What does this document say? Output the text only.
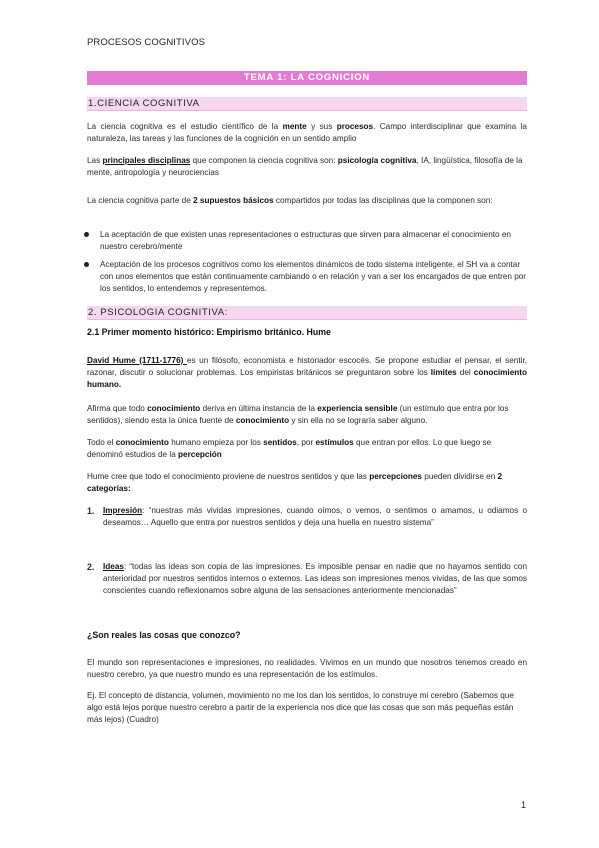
PROCESOS COGNITIVOS
TEMA 1: LA COGNICION
1.CIENCIA COGNITIVA
La ciencia cognitiva es el estudio científico de la mente y sus procesos. Campo interdisciplinar que examina la naturaleza, las tareas y las funciones de la cognición en un sentido amplio
Las principales disciplinas que componen la ciencia cognitiva son: psicología cognitiva, IA, lingüística, filosofía de la mente, antropología y neurociencias
La ciencia cognitiva parte de 2 supuestos básicos compartidos por todas las disciplinas que la componen son:
La aceptación de que existen unas representaciones o estructuras que sirven para almacenar el conocimiento en nuestro cerebro/mente
Aceptación de los procesos cognitivos como los elementos dinámicos de todo sistema inteligente, el SH va a contar con unos elementos que están continuamente cambiando o en relación y van a ser los encargados de que entren por los sentidos, lo entendemos y representemos.
2. PSICOLOGIA COGNITIVA:
2.1 Primer momento histórico: Empirismo británico. Hume
David Hume (1711-1776) es un filósofo, economista e historiador escocés. Se propone estudiar el pensar, el sentir, razonar, discutir o solucionar problemas. Los empiristas británicos se preguntaron sobre los límites del conocimiento humano.
Afirma que todo conocimiento deriva en última instancia de la experiencia sensible (un estímulo que entra por los sentidos), siendo esta la única fuente de conocimiento y sin ella no se lograría saber alguno.
Todo el conocimiento humano empieza por los sentidos, por estímulos que entran por ellos. Lo que luego se denominó estudios de la percepción
Hume cree que todo el conocimiento proviene de nuestros sentidos y que las percepciones pueden dividirse en 2 categorías:
1. Impresión: “nuestras más vividas impresiones, cuando oímos, o vemos, o sentimos o amamos, u odiamos o deseamos… Aquello que entra por nuestros sentidos y deja una huella en nuestro sistema”
2. Ideas: “todas las ideas son copia de las impresiones. Es imposible pensar en nadie que no hayamos sentido con anterioridad por nuestros sentidos internos o externos. Las ideas son impresiones menos vividas, de las que somos conscientes cuando reflexionamos sobre alguna de las sensaciones anteriormente mencionadas”
¿Son reales las cosas que conozco?
El mundo son representaciones e impresiones, no realidades. Vivimos en un mundo que nosotros tenemos creado en nuestro cerebro, ya que nuestro mundo es una representación de los estímulos.
Ej. El concepto de distancia, volumen, movimiento no me los dan los sentidos, lo construye mi cerebro (Sabemos que algo está lejos porque nuestro cerebro a partir de la experiencia nos dice que las cosas que son más pequeñas están más lejos) (Cuadro)
1
